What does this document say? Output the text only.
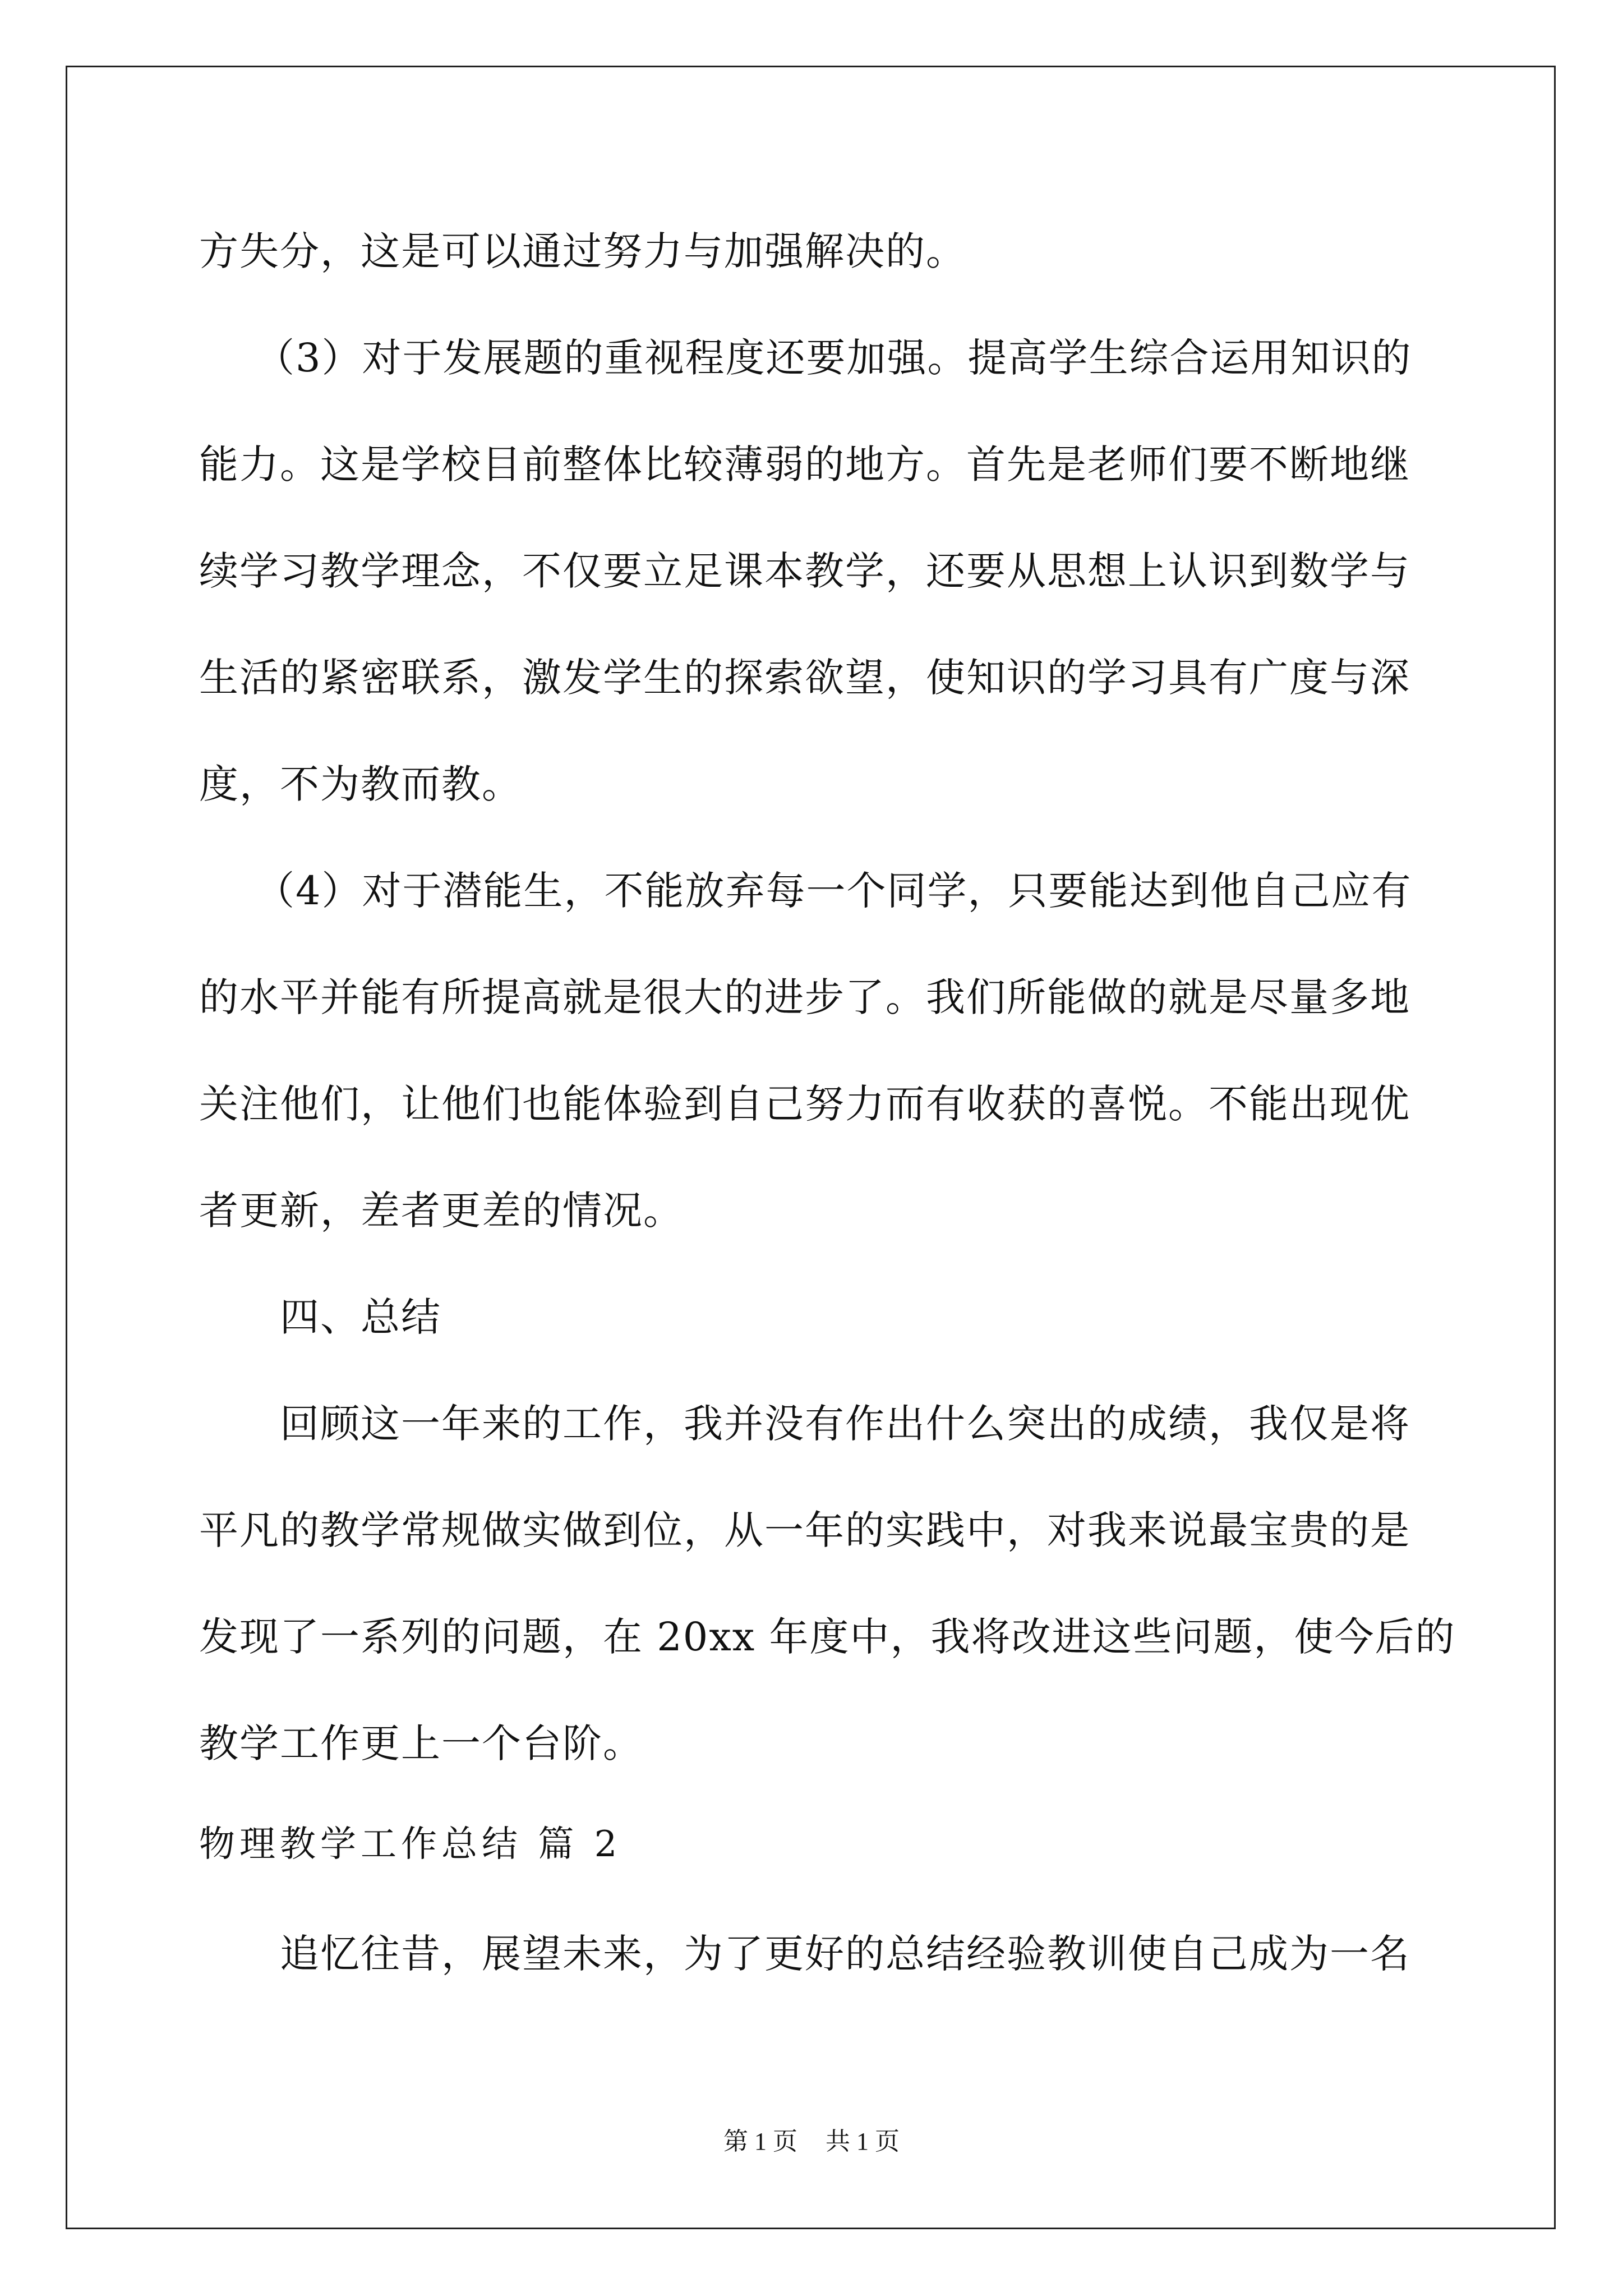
方失分，这是可以通过努力与加强解决的。
（3）对于发展题的重视程度还要加强。提高学生综合运用知识的
能力。这是学校目前整体比较薄弱的地方。首先是老师们要不断地继
续学习教学理念，不仅要立足课本教学，还要从思想上认识到数学与
生活的紧密联系，激发学生的探索欲望，使知识的学习具有广度与深
度，不为教而教。
（4）对于潜能生，不能放弃每一个同学，只要能达到他自己应有
的水平并能有所提高就是很大的进步了。我们所能做的就是尽量多地
关注他们，让他们也能体验到自己努力而有收获的喜悦。不能出现优
者更新，差者更差的情况。
　　四、总结
　　回顾这一年来的工作，我并没有作出什么突出的成绩，我仅是将
平凡的教学常规做实做到位，从一年的实践中，对我来说最宝贵的是
发现了一系列的问题，在 20xx 年度中，我将改进这些问题，使今后的
教学工作更上一个台阶。
物理教学工作总结 篇 2
　　追忆往昔，展望未来，为了更好的总结经验教训使自己成为一名
第 1 页 共 1 页
